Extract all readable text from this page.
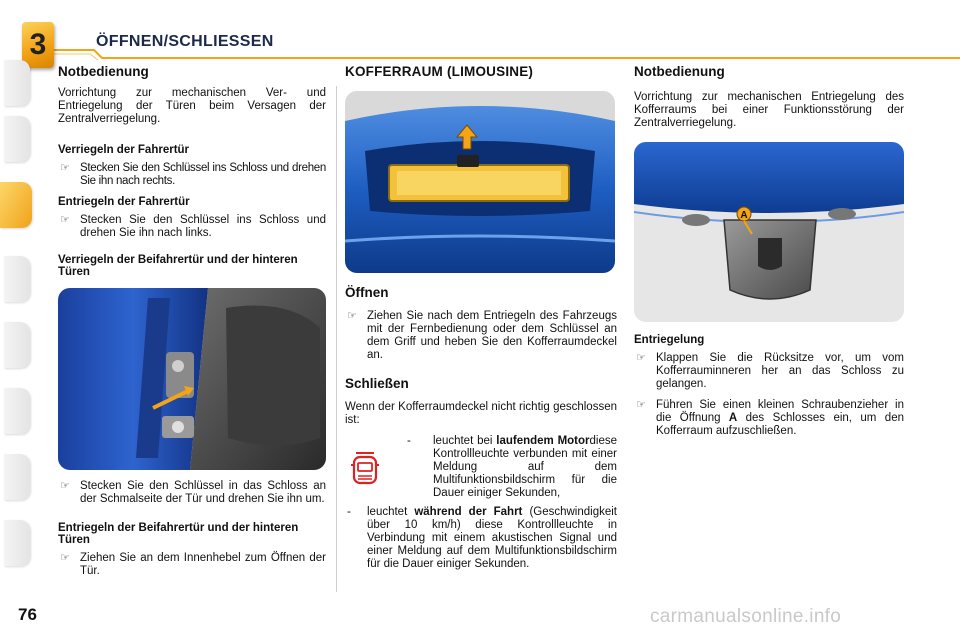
3	ÖFFNEN/SCHLIESSEN
Notbedienung

Vorrichtung zur mechanischen Ver- und Entriegelung der Türen beim Versagen der Zentralverriegelung.

Verriegeln der Fahrertür
☞ Stecken Sie den Schlüssel ins Schloss und drehen Sie ihn nach rechts.
Entriegeln der Fahrertür
☞ Stecken Sie den Schlüssel ins Schloss und drehen Sie ihn nach links.
Verriegeln der Beifahrertür und der hinteren Türen
☞ Stecken Sie den Schlüssel in das Schloss an der Schmalseite der Tür und drehen Sie ihn um.
Entriegeln der Beifahrertür und der hinteren Türen
☞ Ziehen Sie an dem Innenhebel zum Öffnen der Tür.
KOFFERRAUM (LIMOUSINE)
Öffnen
☞ Ziehen Sie nach dem Entriegeln des Fahrzeugs mit der Fernbedienung oder dem Schlüssel an dem Griff und heben Sie den Kofferraumdeckel an.
Schließen

Wenn der Kofferraumdeckel nicht richtig geschlossen ist:

- leuchtet bei laufendem Motordiese Kontrollleuchte verbunden mit einer Meldung auf dem Multifunktionsbildschirm für die Dauer einiger Sekunden,
- leuchtet während der Fahrt (Geschwindigkeit über 10 km/h) diese Kontrollleuchte in Verbindung mit einem akustischen Signal und einer Meldung auf dem Multifunktionsbildschirm für die Dauer einiger Sekunden.
Notbedienung

Vorrichtung zur mechanischen Entriegelung des Kofferraums bei einer Funktionsstörung der Zentralverriegelung.

A
Entriegelung
☞ Klappen Sie die Rücksitze vor, um vom Kofferrauminneren her an das Schloss zu gelangen.
☞ Führen Sie einen kleinen Schraubenzieher in die Öffnung A des Schlosses ein, um den Kofferraum aufzuschließen.
76	carmanualsonline.info
